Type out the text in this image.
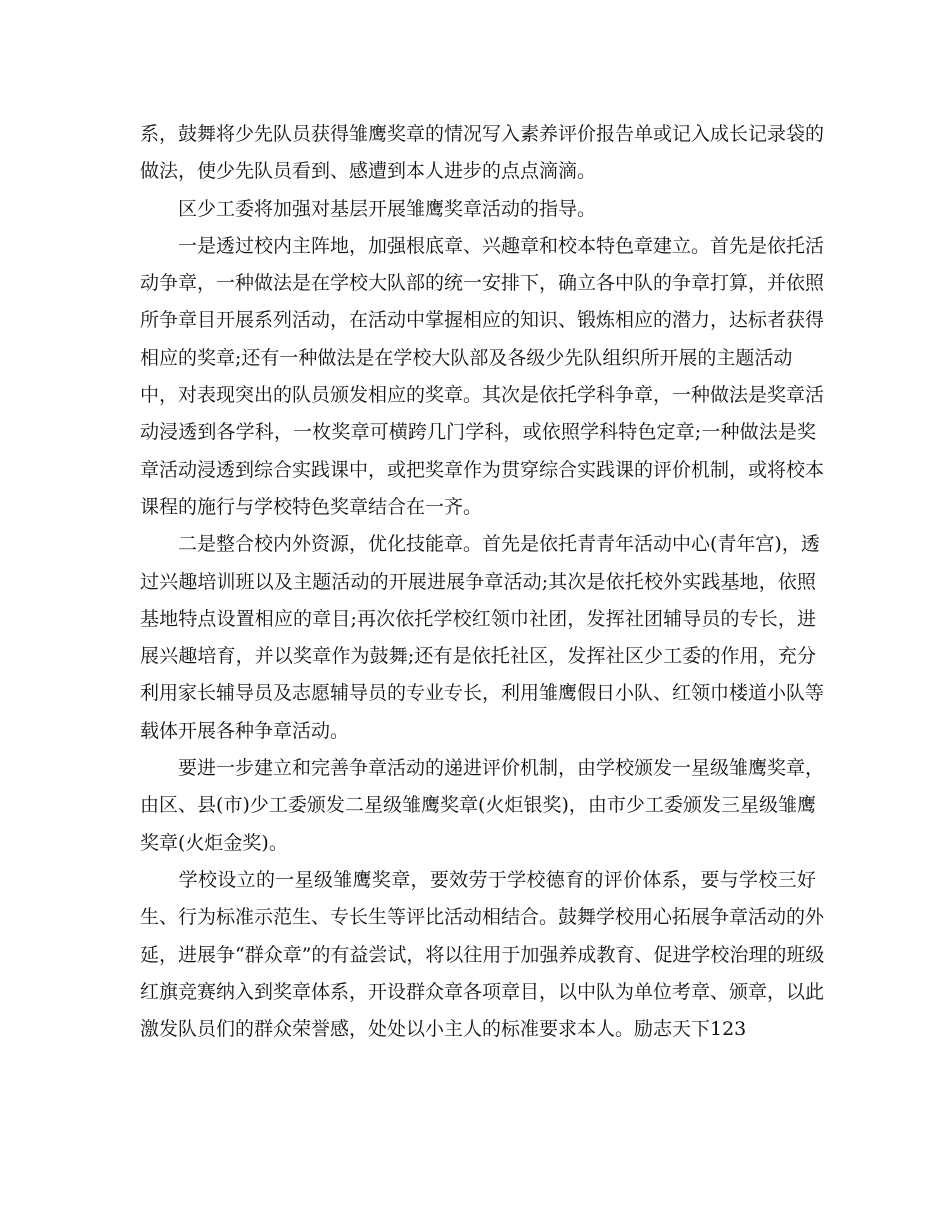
系，鼓舞将少先队员获得雏鹰奖章的情况写入素养评价报告单或记入成长记录袋的
做法，使少先队员看到、感遭到本人进步的点点滴滴。
　　区少工委将加强对基层开展雏鹰奖章活动的指导。
　　一是透过校内主阵地，加强根底章、兴趣章和校本特色章建立。首先是依托活
动争章，一种做法是在学校大队部的统一安排下，确立各中队的争章打算，并依照
所争章目开展系列活动，在活动中掌握相应的知识、锻炼相应的潜力，达标者获得
相应的奖章;还有一种做法是在学校大队部及各级少先队组织所开展的主题活动
中，对表现突出的队员颁发相应的奖章。其次是依托学科争章，一种做法是奖章活
动浸透到各学科，一枚奖章可横跨几门学科，或依照学科特色定章;一种做法是奖
章活动浸透到综合实践课中，或把奖章作为贯穿综合实践课的评价机制，或将校本
课程的施行与学校特色奖章结合在一齐。
　　二是整合校内外资源，优化技能章。首先是依托青青年活动中心(青年宫)，透
过兴趣培训班以及主题活动的开展进展争章活动;其次是依托校外实践基地，依照
基地特点设置相应的章目;再次依托学校红领巾社团，发挥社团辅导员的专长，进
展兴趣培育，并以奖章作为鼓舞;还有是依托社区，发挥社区少工委的作用，充分
利用家长辅导员及志愿辅导员的专业专长，利用雏鹰假日小队、红领巾楼道小队等
载体开展各种争章活动。
　　要进一步建立和完善争章活动的递进评价机制，由学校颁发一星级雏鹰奖章，
由区、县(市)少工委颁发二星级雏鹰奖章(火炬银奖)，由市少工委颁发三星级雏鹰
奖章(火炬金奖)。
　　学校设立的一星级雏鹰奖章，要效劳于学校德育的评价体系，要与学校三好
生、行为标准示范生、专长生等评比活动相结合。鼓舞学校用心拓展争章活动的外
延，进展争“群众章”的有益尝试，将以往用于加强养成教育、促进学校治理的班级
红旗竞赛纳入到奖章体系，开设群众章各项章目，以中队为单位考章、颁章，以此
激发队员们的群众荣誉感，处处以小主人的标准要求本人。励志天下123
